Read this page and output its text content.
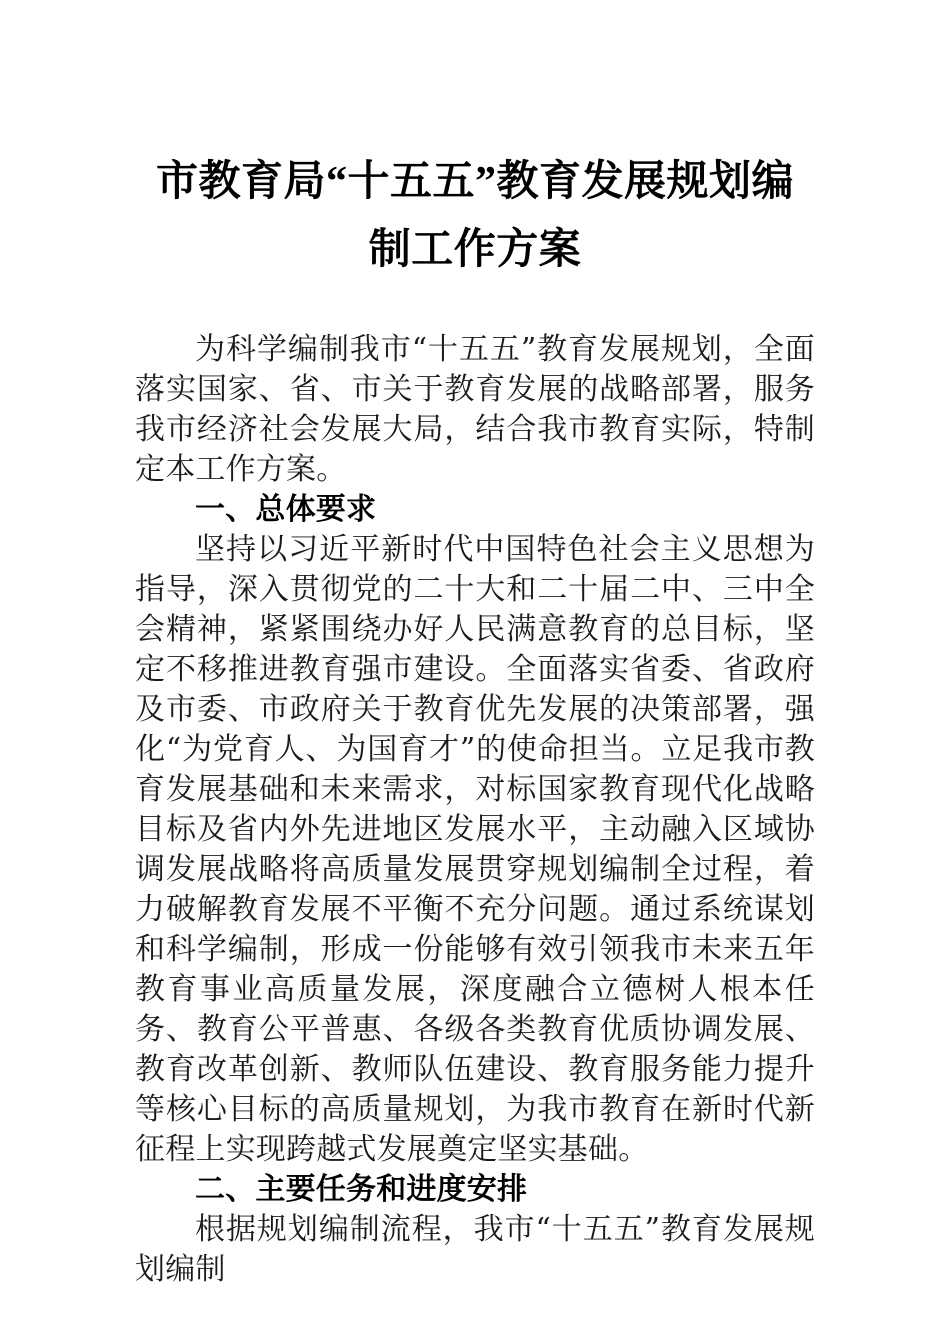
市教育局“十五五”教育发展规划编制工作方案

为科学编制我市“十五五”教育发展规划，全面落实国家、省、市关于教育发展的战略部署，服务我市经济社会发展大局，结合我市教育实际，特制定本工作方案。

一、总体要求

坚持以习近平新时代中国特色社会主义思想为指导，深入贯彻党的二十大和二十届二中、三中全会精神，紧紧围绕办好人民满意教育的总目标，坚定不移推进教育强市建设。全面落实省委、省政府及市委、市政府关于教育优先发展的决策部署，强化“为党育人、为国育才”的使命担当。立足我市教育发展基础和未来需求，对标国家教育现代化战略目标及省内外先进地区发展水平，主动融入区域协调发展战略将高质量发展贯穿规划编制全过程，着力破解教育发展不平衡不充分问题。通过系统谋划和科学编制，形成一份能够有效引领我市未来五年教育事业高质量发展，深度融合立德树人根本任务、教育公平普惠、各级各类教育优质协调发展、教育改革创新、教师队伍建设、教育服务能力提升等核心目标的高质量规划，为我市教育在新时代新征程上实现跨越式发展奠定坚实基础。

二、主要任务和进度安排

根据规划编制流程，我市“十五五”教育发展规划编制
